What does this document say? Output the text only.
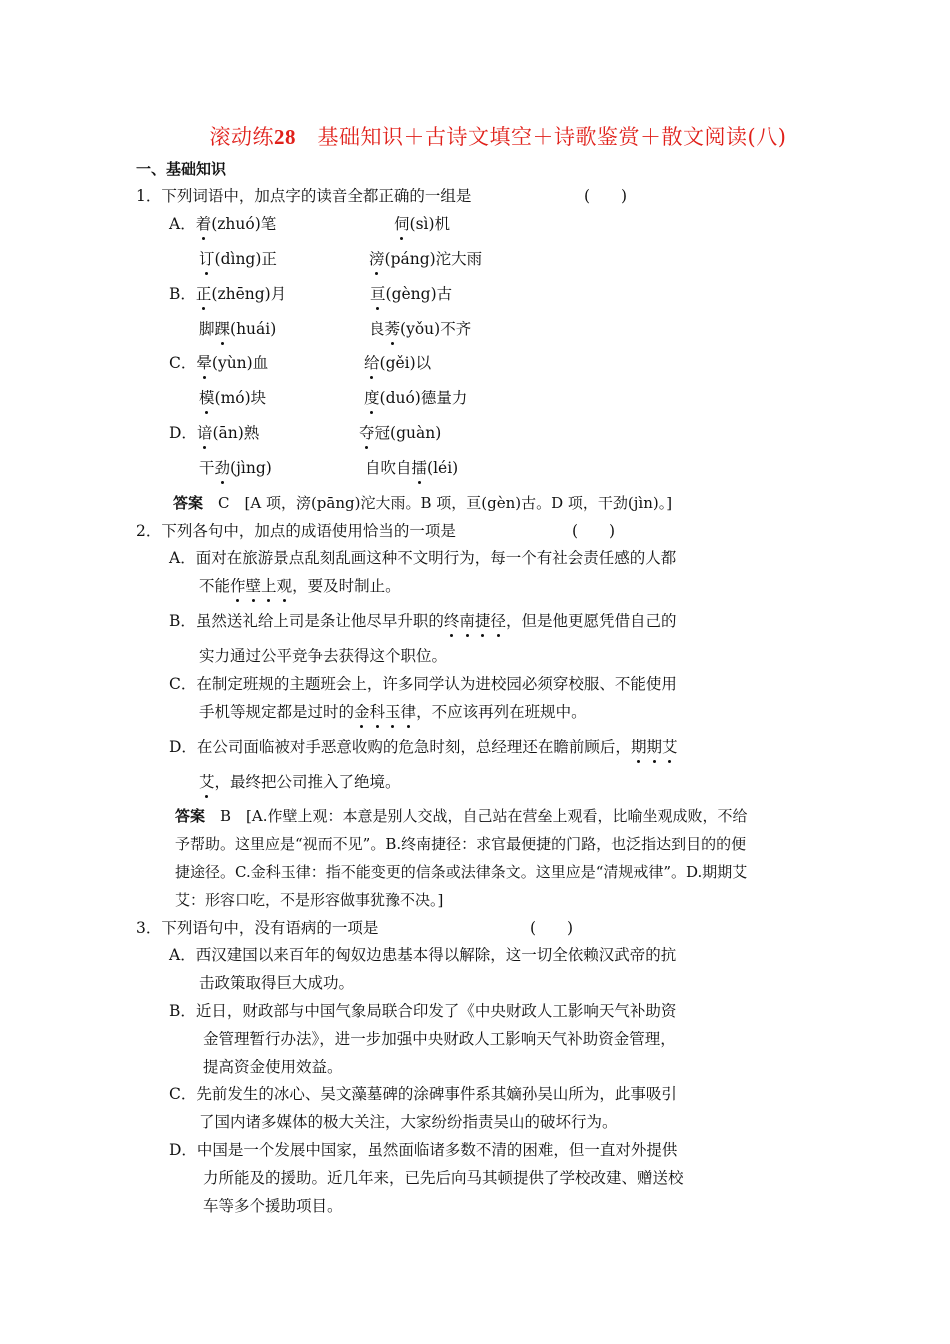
滚动练28　基础知识＋古诗文填空＋诗歌鉴赏＋散文阅读(八)
一、基础知识
1．下列词语中，加点字的读音全都正确的一组是	(　　)
A．着(zhuó)笔	伺(sì)机
订(dìng)正	滂(páng)沱大雨
B．正(zhēng)月	亘(gèng)古
脚踝(huái)	良莠(yǒu)不齐
C．晕(yùn)血	给(gěi)以
模(mó)块	度(duó)德量力
D．谙(ān)熟	夺冠(guàn)
干劲(jìng)	自吹自擂(léi)
答案　C　[A 项，滂(pāng)沱大雨。B 项，亘(gèn)古。D 项，干劲(jìn)。]
2．下列各句中，加点的成语使用恰当的一项是	(　　)
A．面对在旅游景点乱刻乱画这种不文明行为，每一个有社会责任感的人都
不能作壁上观，要及时制止。
B．虽然送礼给上司是条让他尽早升职的终南捷径，但是他更愿凭借自己的
实力通过公平竞争去获得这个职位。
C．在制定班规的主题班会上，许多同学认为进校园必须穿校服、不能使用
手机等规定都是过时的金科玉律，不应该再列在班规中。
D．在公司面临被对手恶意收购的危急时刻，总经理还在瞻前顾后，期期艾
艾，最终把公司推入了绝境。
答案　B　[A.作壁上观：本意是别人交战，自己站在营垒上观看，比喻坐观成败，不给
予帮助。这里应是“视而不见”。B.终南捷径：求官最便捷的门路，也泛指达到目的的便
捷途径。C.金科玉律：指不能变更的信条或法律条文。这里应是“清规戒律”。D.期期艾
艾：形容口吃，不是形容做事犹豫不决。]
3．下列语句中，没有语病的一项是	(　　)
A．西汉建国以来百年的匈奴边患基本得以解除，这一切全依赖汉武帝的抗
击政策取得巨大成功。
B．近日，财政部与中国气象局联合印发了《中央财政人工影响天气补助资
金管理暂行办法》，进一步加强中央财政人工影响天气补助资金管理，
提高资金使用效益。
C．先前发生的冰心、吴文藻墓碑的涂碑事件系其嫡孙吴山所为，此事吸引
了国内诸多媒体的极大关注，大家纷纷指责吴山的破坏行为。
D．中国是一个发展中国家，虽然面临诸多数不清的困难，但一直对外提供
力所能及的援助。近几年来，已先后向马其顿提供了学校改建、赠送校
车等多个援助项目。
